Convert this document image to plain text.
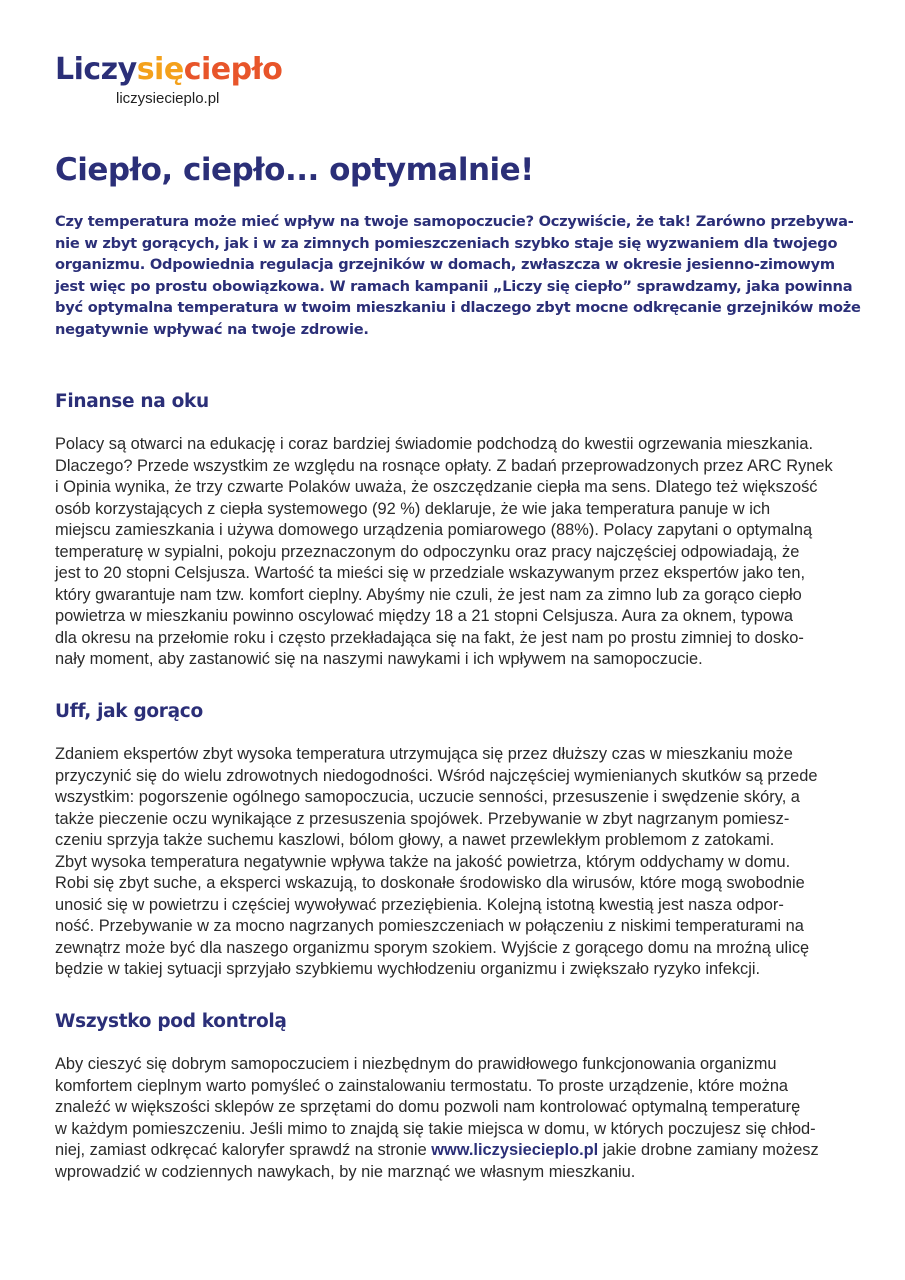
Liczysięciepło
liczysiecieplo.pl
Ciepło, ciepło... optymalnie!

Czy temperatura może mieć wpływ na twoje samopoczucie? Oczywiście, że tak! Zarówno przebywa-
nie w zbyt gorących, jak i w za zimnych pomieszczeniach szybko staje się wyzwaniem dla twojego
organizmu. Odpowiednia regulacja grzejników w domach, zwłaszcza w okresie jesienno-zimowym
jest więc po prostu obowiązkowa. W ramach kampanii „Liczy się ciepło” sprawdzamy, jaka powinna
być optymalna temperatura w twoim mieszkaniu i dlaczego zbyt mocne odkręcanie grzejników może
negatywnie wpływać na twoje zdrowie.

Finanse na oku

Polacy są otwarci na edukację i coraz bardziej świadomie podchodzą do kwestii ogrzewania mieszkania.
Dlaczego? Przede wszystkim ze względu na rosnące opłaty. Z badań przeprowadzonych przez ARC Rynek
i Opinia wynika, że trzy czwarte Polaków uważa, że oszczędzanie ciepła ma sens. Dlatego też większość
osób korzystających z ciepła systemowego (92 %) deklaruje, że wie jaka temperatura panuje w ich
miejscu zamieszkania i używa domowego urządzenia pomiarowego (88%). Polacy zapytani o optymalną
temperaturę w sypialni, pokoju przeznaczonym do odpoczynku oraz pracy najczęściej odpowiadają, że
jest to 20 stopni Celsjusza. Wartość ta mieści się w przedziale wskazywanym przez ekspertów jako ten,
który gwarantuje nam tzw. komfort cieplny. Abyśmy nie czuli, że jest nam za zimno lub za gorąco ciepło
powietrza w mieszkaniu powinno oscylować między 18 a 21 stopni Celsjusza. Aura za oknem, typowa
dla okresu na przełomie roku i często przekładająca się na fakt, że jest nam po prostu zimniej to dosko-
nały moment, aby zastanowić się na naszymi nawykami i ich wpływem na samopoczucie.

Uff, jak gorąco

Zdaniem ekspertów zbyt wysoka temperatura utrzymująca się przez dłuższy czas w mieszkaniu może
przyczynić się do wielu zdrowotnych niedogodności. Wśród najczęściej wymienianych skutków są przede
wszystkim: pogorszenie ogólnego samopoczucia, uczucie senności, przesuszenie i swędzenie skóry, a
także pieczenie oczu wynikające z przesuszenia spojówek. Przebywanie w zbyt nagrzanym pomiesz-
czeniu sprzyja także suchemu kaszlowi, bólom głowy, a nawet przewlekłym problemom z zatokami.
Zbyt wysoka temperatura negatywnie wpływa także na jakość powietrza, którym oddychamy w domu.
Robi się zbyt suche, a eksperci wskazują, to doskonałe środowisko dla wirusów, które mogą swobodnie
unosić się w powietrzu i częściej wywoływać przeziębienia. Kolejną istotną kwestią jest nasza odpor-
ność. Przebywanie w za mocno nagrzanych pomieszczeniach w połączeniu z niskimi temperaturami na
zewnątrz może być dla naszego organizmu sporym szokiem. Wyjście z gorącego domu na mroźną ulicę
będzie w takiej sytuacji sprzyjało szybkiemu wychłodzeniu organizmu i zwiększało ryzyko infekcji.

Wszystko pod kontrolą

Aby cieszyć się dobrym samopoczuciem i niezbędnym do prawidłowego funkcjonowania organizmu
komfortem cieplnym warto pomyśleć o zainstalowaniu termostatu. To proste urządzenie, które można
znaleźć w większości sklepów ze sprzętami do domu pozwoli nam kontrolować optymalną temperaturę
w każdym pomieszczeniu. Jeśli mimo to znajdą się takie miejsca w domu, w których poczujesz się chłod-
niej, zamiast odkręcać kaloryfer sprawdź na stronie www.liczysiecieplo.pl jakie drobne zamiany możesz
wprowadzić w codziennych nawykach, by nie marznąć we własnym mieszkaniu.
